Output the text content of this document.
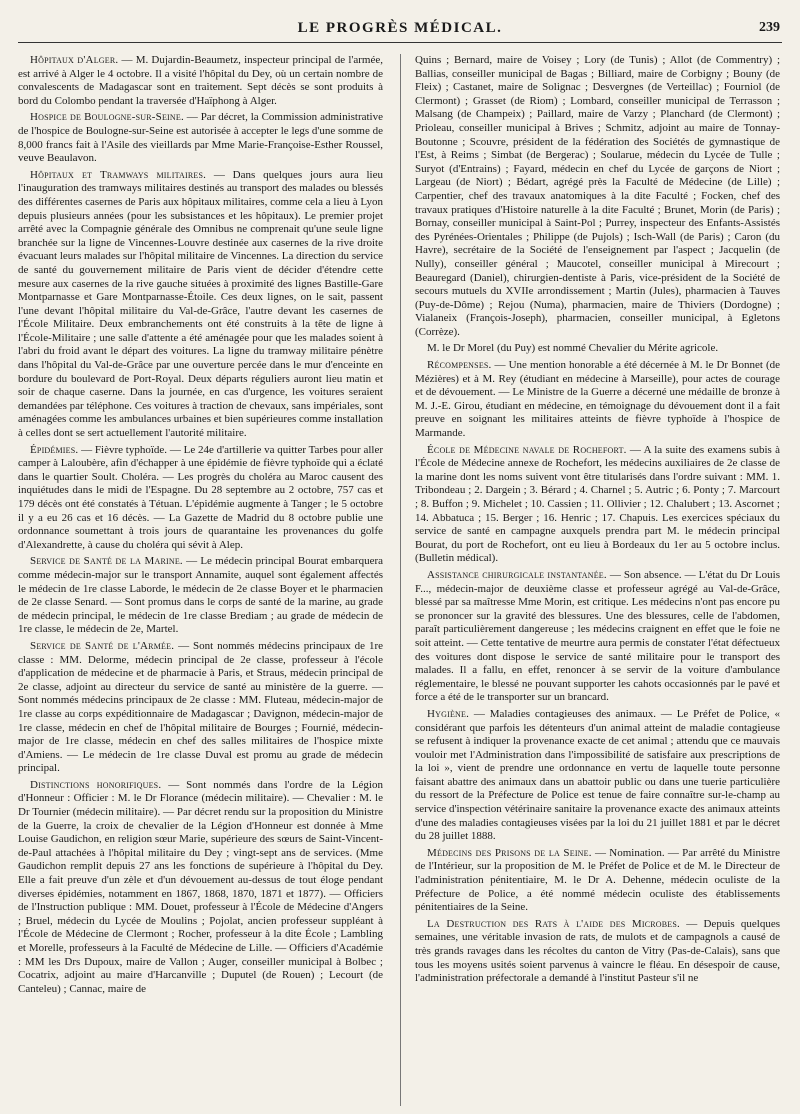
LE PROGRÈS MÉDICAL.	239

Hôpitaux d'Alger. — M. Dujardin-Beaumetz, inspecteur principal de l'armée, est arrivé à Alger le 4 octobre. Il a visité l'hôpital du Dey, où un certain nombre de convalescents de Madagascar sont en traitement. Sept décès se sont produits à bord du Colombo pendant la traversée d'Haïphong à Alger.

Hospice de Boulogne-sur-Seine. — Par décret, la Commission administrative de l'hospice de Boulogne-sur-Seine est autorisée à accepter le legs d'une somme de 8,000 francs fait à l'Asile des vieillards par Mme Marie-Françoise-Esther Roussel, veuve Beaulavon.

Hôpitaux et Tramways militaires. — Dans quelques jours aura lieu l'inauguration des tramways militaires destinés au transport des malades ou blessés des différentes casernes de Paris aux hôpitaux militaires, comme cela a lieu à Lyon depuis plusieurs années (pour les subsistances et les hôpitaux). Le premier projet arrêté avec la Compagnie générale des Omnibus ne comprenait qu'une seule ligne branchée sur la ligne de Vincennes-Louvre destinée aux casernes de la rive droite évacuant leurs malades sur l'hôpital militaire de Vincennes. La direction du service de santé du gouvernement militaire de Paris vient de décider d'étendre cette mesure aux casernes de la rive gauche situées à proximité des lignes Bastille-Gare Montparnasse et Gare Montparnasse-Étoile. Ces deux lignes, on le sait, passent l'une devant l'hôpital militaire du Val-de-Grâce, l'autre devant les casernes de l'École Militaire. Deux embranchements ont été construits à la tête de ligne à l'École-Militaire ; une salle d'attente a été aménagée pour que les malades soient à l'abri du froid avant le départ des voitures. La ligne du tramway militaire pénètre dans l'hôpital du Val-de-Grâce par une ouverture percée dans le mur d'enceinte en bordure du boulevard de Port-Royal. Deux départs réguliers auront lieu matin et soir de chaque caserne. Dans la journée, en cas d'urgence, les voitures seraient demandées par téléphone. Ces voitures à traction de chevaux, sans impériales, sont aménagées comme les ambulances urbaines et bien supérieures comme installation à celles dont se sert actuellement l'autorité militaire.

Épidémies. — Fièvre typhoïde. — Le 24e d'artillerie va quitter Tarbes pour aller camper à Laloubère, afin d'échapper à une épidémie de fièvre typhoïde qui a éclaté dans le quartier Soult. Choléra. — Les progrès du choléra au Maroc causent des inquiétudes dans le midi de l'Espagne. Du 28 septembre au 2 octobre, 757 cas et 179 décès ont été constatés à Tétuan. L'épidémie augmente à Tanger ; le 5 octobre il y a eu 26 cas et 16 décès. — La Gazette de Madrid du 8 octobre publie une ordonnance soumettant à trois jours de quarantaine les provenances du golfe d'Alexandrette, à cause du choléra qui sévit à Alep.

Service de Santé de la Marine. — Le médecin principal Bourat embarquera comme médecin-major sur le transport Annamite, auquel sont également affectés le médecin de 1re classe Laborde, le médecin de 2e classe Boyer et le pharmacien de 2e classe Senard. — Sont promus dans le corps de santé de la marine, au grade de médecin principal, le médecin de 1re classe Brediam ; au grade de médecin de 1re classe, le médecin de 2e, Martel.

Service de Santé de l'Armée. — Sont nommés médecins principaux de 1re classe : MM. Delorme, médecin principal de 2e classe, professeur à l'école d'application de médecine et de pharmacie à Paris, et Straus, médecin principal de 2e classe, adjoint au directeur du service de santé au ministère de la guerre. — Sont nommés médecins principaux de 2e classe : MM. Fluteau, médecin-major de 1re classe au corps expéditionnaire de Madagascar ; Davignon, médecin-major de 1re classe, médecin en chef de l'hôpital militaire de Bourges ; Fournié, médecin-major de 1re classe, médecin en chef des salles militaires de l'hospice mixte d'Amiens. — Le médecin de 1re classe Duval est promu au grade de médecin principal.

Distinctions honorifiques. — Sont nommés dans l'ordre de la Légion d'Honneur : Officier : M. le Dr Florance (médecin militaire). — Chevalier : M. le Dr Tournier (médecin militaire). — Par décret rendu sur la proposition du Ministre de la Guerre, la croix de chevalier de la Légion d'Honneur est donnée à Mme Louise Gaudichon, en religion sœur Marie, supérieure des sœurs de Saint-Vincent-de-Paul attachées à l'hôpital militaire du Dey ; vingt-sept ans de services. (Mme Gaudichon remplit depuis 27 ans les fonctions de supérieure à l'hôpital du Dey. Elle a fait preuve d'un zèle et d'un dévouement au-dessus de tout éloge pendant diverses épidémies, notamment en 1867, 1868, 1870, 1871 et 1877). — Officiers de l'Instruction publique : MM. Douet, professeur à l'École de Médecine d'Angers ; Bruel, médecin du Lycée de Moulins ; Pojolat, ancien professeur suppléant à l'École de Médecine de Clermont ; Rocher, professeur à la dite École ; Lambling et Morelle, professeurs à la Faculté de Médecine de Lille. — Officiers d'Académie : MM les Drs Dupoux, maire de Vallon ; Auger, conseiller municipal à Bolbec ; Cocatrix, adjoint au maire d'Harcanville ; Duputel (de Rouen) ; Lecourt (de Canteleu) ; Cannac, maire de

Quins ; Bernard, maire de Voisey ; Lory (de Tunis) ; Allot (de Commentry) ; Ballias, conseiller municipal de Bagas ; Billiard, maire de Corbigny ; Bouny (de Fleix) ; Castanet, maire de Solignac ; Desvergnes (de Verteillac) ; Fourniol (de Clermont) ; Grasset (de Riom) ; Lombard, conseiller municipal de Terrasson ; Malsang (de Champeix) ; Paillard, maire de Varzy ; Planchard (de Clermont) ; Prioleau, conseiller municipal à Brives ; Schmitz, adjoint au maire de Tonnay-Boutonne ; Scouvre, président de la fédération des Sociétés de gymnastique de l'Est, à Reims ; Simbat (de Bergerac) ; Soularue, médecin du Lycée de Tulle ; Suryot (d'Entrains) ; Fayard, médecin en chef du Lycée de garçons de Niort ; Largeau (de Niort) ; Bédart, agrégé près la Faculté de Médecine (de Lille) ; Carpentier, chef des travaux anatomiques à la dite Faculté ; Focken, chef des travaux pratiques d'Histoire naturelle à la dite Faculté ; Brunet, Morin (de Paris) ; Bornay, conseiller municipal à Saint-Pol ; Purrey, inspecteur des Enfants-Assistés des Pyrénées-Orientales ; Philippe (de Pujols) ; Isch-Wall (de Paris) ; Caron (du Havre), secrétaire de la Société de l'enseignement par l'aspect ; Jacquelin (de Nully), conseiller général ; Maucotel, conseiller municipal à Mirecourt ; Beauregard (Daniel), chirurgien-dentiste à Paris, vice-président de la Société de secours mutuels du XVIIe arrondissement ; Martin (Jules), pharmacien à Tauves (Puy-de-Dôme) ; Rejou (Numa), pharmacien, maire de Thiviers (Dordogne) ; Vialaneix (François-Joseph), pharmacien, conseiller municipal, à Egletons (Corrèze).

M. le Dr Morel (du Puy) est nommé Chevalier du Mérite agricole.

Récompenses. — Une mention honorable a été décernée à M. le Dr Bonnet (de Mézières) et à M. Rey (étudiant en médecine à Marseille), pour actes de courage et de dévouement. — Le Ministre de la Guerre a décerné une médaille de bronze à M. J.-E. Girou, étudiant en médecine, en témoignage du dévouement dont il a fait preuve en soignant les militaires atteints de fièvre typhoïde à l'hospice de Marmande.

École de Médecine navale de Rochefort. — A la suite des examens subis à l'École de Médecine annexe de Rochefort, les médecins auxiliaires de 2e classe de la marine dont les noms suivent vont être titularisés dans l'ordre suivant : MM. 1. Tribondeau ; 2. Dargein ; 3. Bérard ; 4. Charnel ; 5. Autric ; 6. Ponty ; 7. Marcourt ; 8. Buffon ; 9. Michelet ; 10. Cassien ; 11. Ollivier ; 12. Chalubert ; 13. Ascornet ; 14. Abbatuca ; 15. Berger ; 16. Henric ; 17. Chapuis. Les exercices spéciaux du service de santé en campagne auxquels prendra part M. le médecin principal Bourat, du port de Rochefort, ont eu lieu à Bordeaux du 1er au 5 octobre inclus. (Bulletin médical).

Assistance chirurgicale instantanée. — Son absence. — L'état du Dr Louis F..., médecin-major de deuxième classe et professeur agrégé au Val-de-Grâce, blessé par sa maîtresse Mme Morin, est critique. Les médecins n'ont pas encore pu se prononcer sur la gravité des blessures. Une des blessures, celle de l'abdomen, paraît particulièrement dangereuse ; les médecins craignent en effet que le foie ne soit atteint. — Cette tentative de meurtre aura permis de constater l'état défectueux des voitures dont dispose le service de santé militaire pour le transport des malades. Il a fallu, en effet, renoncer à se servir de la voiture d'ambulance réglementaire, le blessé ne pouvant supporter les cahots occasionnés par le pavé et force a été de le transporter sur un brancard.

Hygiène. — Maladies contagieuses des animaux. — Le Préfet de Police, « considérant que parfois les détenteurs d'un animal atteint de maladie contagieuse se refusent à indiquer la provenance exacte de cet animal ; attendu que ce mauvais vouloir met l'Administration dans l'impossibilité de satisfaire aux prescriptions de la loi », vient de prendre une ordonnance en vertu de laquelle toute personne faisant abattre des animaux dans un abattoir public ou dans une tuerie particulière du ressort de la Préfecture de Police est tenue de faire connaître sur-le-champ au service d'inspection vétérinaire sanitaire la provenance exacte des animaux atteints d'une des maladies contagieuses visées par la loi du 21 juillet 1881 et par le décret du 28 juillet 1888.

Médecins des Prisons de la Seine. — Nomination. — Par arrêté du Ministre de l'Intérieur, sur la proposition de M. le Préfet de Police et de M. le Directeur de l'administration pénitentiaire, M. le Dr A. Dehenne, médecin oculiste de la Préfecture de Police, a été nommé médecin oculiste des établissements pénitentiaires de la Seine.

La Destruction des Rats à l'aide des Microbes. — Depuis quelques semaines, une véritable invasion de rats, de mulots et de campagnols a causé de très grands ravages dans les récoltes du canton de Vitry (Pas-de-Calais), sans que tous les moyens usités soient parvenus à vaincre le fléau. En désespoir de cause, l'administration préfectorale a demandé à l'institut Pasteur s'il ne
